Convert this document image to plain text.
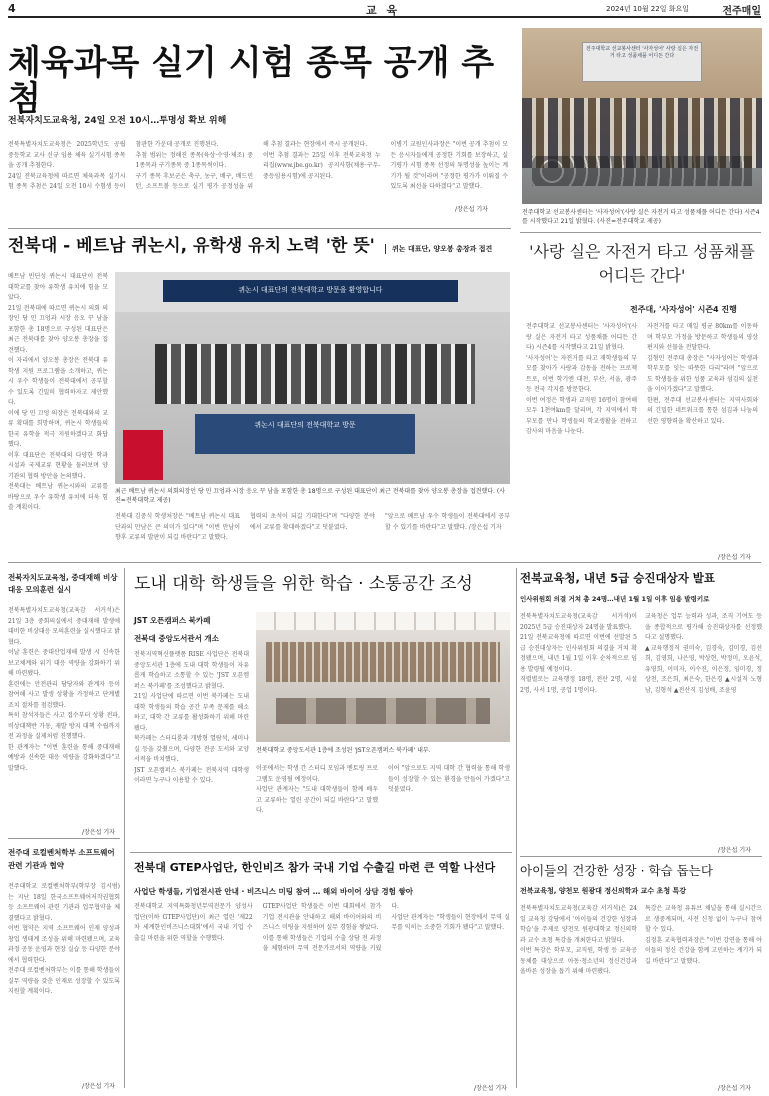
4	교 육	2024년 10월 22일 화요일	전주매일
체육과목 실기 시험 종목 공개 추첨
전북자치도교육청, 24일 오전 10시…투명성 확보 위해

전북특별자치도교육청은 2025학년도 공립 중등학교 교사 신규 임용 체육 실기시험 종목을 공개 추첨한다.

24일 전북교육청에 따르면 체육과목 실기시험 종목 추첨은 24일 오전 10시 수험생 등이 참관한 가운데 공개로 진행된다.

추첨 범위는 정해진 종목(육상·수영·체조) 중 1종목과 구기종목 중 1종목씩이다.

구기 종목 후보군은 축구, 농구, 배구, 배드민턴, 소프트볼 등으로 실기 평가 공정성을 위해 추첨 결과는 현장에서 즉시 공개된다.

이번 추첨 결과는 25일 이후 전북교육청 누리집(www.jbe.go.kr) 공지사항(채용·구두-중등임용시험)에 공지된다.

이병기 교원인사과장은 "이번 공개 추첨이 모든 응시자들에게 공정한 기회를 보장하고, 실기평가 시험 종목 선정의 투명성을 높이는 계기가 될 것"이라며 "공정한 평가가 이뤄질 수 있도록 최선을 다하겠다"고 말했다.

/장은섭 기자
전주대학교 선교봉사센터 '사자성어' 사랑 실은 자전거 타고 성품채플 어디든 간다
전주대학교 선교봉사센터는 '사자성어'(사랑 실은 자전거 타고 성품채플 어디든 간다) 시즌4를 시작했다고 21일 밝혔다. (사진=전주대학교 제공)
'사랑 실은 자전거 타고 성품채플 어디든 간다'
전주대, '사자성어' 시즌4 진행

전주대학교 선교봉사센터는 '사자성어'(사랑 실은 자전거 타고 성품채플 어디든 간다) 시즌4를 시작했다고 21일 밝혔다.

'사자성어'는 자전거를 타고 재학생들의 부모를 찾아가 사랑과 감동을 전하는 프로젝트로, 이번 학기엔 대천, 부산, 서울, 광주 등 전국 각지를 방문한다.

이번 여정은 학생과 교직원 16명이 참여해 모두 1천여km를 달리며, 각 지역에서 학부모를 만나 학생들의 학교생활을 전하고 감사의 마음을 나눈다.

자전거를 타고 매일 평균 80km를 이동하며 학부모 가정을 방문하고 학생들의 영상 편지와 선물을 전달한다.

김형민 전주대 총장은 "사자성어는 학생과 학부모를 잇는 따뜻한 다리"라며 "앞으로도 학생들을 위한 성품 교육과 섬김의 실천을 이어가겠다"고 말했다.

한편, 전주대 선교봉사센터는 지역사회와의 긴밀한 네트워크를 통한 섬김과 나눔의 선한 영향력을 확산하고 있다.

/장은섭 기자
전북대 - 베트남 퀴논시, 유학생 유치 노력 '한 뜻'	퀴논 대표단, 양오봉 총장과 접견

베트남 빈딘성 퀴논시 대표단이 전북대학교를 찾아 유학생 유치에 힘을 모았다.

21일 전북대에 따르면 퀴논시 의회 의장인 당 민 끄엉과 시장 응오 꾸 남을 포함한 총 18명으로 구성된 대표단은 최근 전북대를 찾아 양오봉 총장을 접견했다.

이 자리에서 양오봉 총장은 전북대 유학생 지원 프로그램을 소개하고, 퀴논시 우수 학생들이 전북대에서 공부할 수 있도록 긴밀히 협력하자고 제안했다.

이에 당 민 끄엉 의장은 전북대와의 교류 확대를 희망하며, 퀴논시 학생들의 한국 유학을 적극 지원하겠다고 화답했다.

이후 대표단은 전북대의 다양한 학과 시설과 국제교류 현황을 둘러보며 양 기관의 협력 방안을 논의했다.

전북대는 베트남 퀴논시와의 교류를 바탕으로 우수 유학생 유치에 더욱 힘쓸 계획이다.

퀴논시 대표단의 전북대학교 방문을 환영합니다
퀴논시 대표단의 전북대학교 방문
최근 베트남 퀴논시 의회의장인 당 민 끄엉과 시장 응오 꾸 남을 포함한 총 18명으로 구성된 대표단이 최근 전북대를 찾아 양오봉 총장을 접견했다. (사진=전북대학교 제공)

전북대 김중식 학생처장은 "베트남 퀴논시 대표단과의 만남은 큰 의미가 있다"며 "이번 만남이 향후 교류의 발판이 되길 바란다"고 말했다.

협력의 초석이 되길 기대한다"며 "다양한 분야에서 교류를 확대하겠다"고 덧붙였다.

"앞으로 베트남 우수 학생들이 전북대에서 공부할 수 있기를 바란다"고 말했다. /장은섭 기자

전북자치도교육청, 중대재해 비상대응 모의훈련 실시

전북특별자치도교육청(교육감 서거석)은 21일 3층 중회의실에서 중대재해 발생에 대비한 비상대응 모의훈련을 실시했다고 밝혔다.

이날 훈련은 중대산업재해 발생 시 신속한 보고체계와 위기 대응 역량을 강화하기 위해 마련됐다.

훈련에는 안전관리 담당자와 관계자 등이 참여해 사고 발생 상황을 가정하고 단계별 조치 절차를 점검했다.

특히 참석자들은 사고 접수부터 상황 전파, 비상대책반 가동, 재발 방지 대책 수립까지 전 과정을 실제처럼 진행했다.

한 관계자는 "이번 훈련을 통해 중대재해 예방과 신속한 대응 역량을 강화하겠다"고 말했다.

/장은섭 기자
전주대 로컬벤처학부 소프트웨어 관련 기관과 협약

전주대학교 로컬벤처학부(학부장 김시범)는 지난 18일 한국소프트웨어저작권협회 등 소프트웨어 관련 기관과 업무협약을 체결했다고 밝혔다.

이번 협약은 지역 소프트웨어 인재 양성과 창업 생태계 조성을 위해 마련됐으며, 교육과정 공동 운영과 현장 실습 등 다양한 분야에서 협력한다.

전주대 로컬벤처학부는 이를 통해 학생들이 실무 역량을 갖춘 인재로 성장할 수 있도록 지원할 계획이다.

/장은섭 기자
도내 대학 학생들을 위한 학습 · 소통공간 조성
JST 오픈캠퍼스 북카페
전북대 중앙도서관서 개소

전북지역혁신플랫폼 RISE 사업단은 전북대 중앙도서관 1층에 도내 대학 학생들이 자유롭게 학습하고 소통할 수 있는 'JST 오픈캠퍼스 북카페'를 조성했다고 밝혔다.

21일 사업단에 따르면 이번 북카페는 도내 대학 학생들의 학습 공간 부족 문제를 해소하고, 대학 간 교류를 활성화하기 위해 마련됐다.

북카페는 스터디룸과 개방형 열람석, 세미나실 등을 갖췄으며, 다양한 전공 도서와 교양 서적을 비치했다.

JST 오픈캠퍼스 북카페는 전북지역 대학생이라면 누구나 이용할 수 있다.

전북대학교 중앙도서관 1층에 조성된 'JST오픈캠퍼스 북카페' 내부.

이곳에서는 학생 간 스터디 모임과 멘토링 프로그램도 운영될 예정이다.

사업단 관계자는 "도내 대학생들이 함께 배우고 교류하는 열린 공간이 되길 바란다"고 말했다.

이어 "앞으로도 지역 대학 간 협력을 통해 학생들이 성장할 수 있는 환경을 만들어 가겠다"고 덧붙였다.

전북대 GTEP사업단, 한인비즈 참가 국내 기업 수출길 마련 큰 역할 나선다
사업단 학생들, 기업전시관 안내 · 비즈니스 미팅 참여 … 해외 바이어 상담 경험 쌓아

전북대학교 지역특화청년무역전문가 양성사업단(이하 GTEP사업단)이 최근 열린 '제22차 세계한인비즈니스대회'에서 국내 기업 수출길 마련을 위한 역할을 수행했다.

GTEP사업단 학생들은 이번 대회에서 참가 기업 전시관을 안내하고 해외 바이어와의 비즈니스 미팅을 지원하며 실무 경험을 쌓았다.

이를 통해 학생들은 기업의 수출 상담 전 과정을 체험하며 무역 전문가로서의 역량을 키웠다.

사업단 관계자는 "학생들이 현장에서 무역 실무를 익히는 소중한 기회가 됐다"고 말했다.

/장은섭 기자
전북교육청, 내년 5급 승진대상자 발표
인사위원회 의결 거쳐 총 24명…내년 1월 1일 이후 임용 발령키로

전북특별자치도교육청(교육감 서거석)이 2025년 5급 승진대상자 24명을 발표했다.

21일 전북교육청에 따르면 이번에 선발된 5급 승진대상자는 인사위원회 의결을 거쳐 확정됐으며, 내년 1월 1일 이후 순차적으로 임용 발령될 예정이다.

직렬별로는 교육행정 18명, 전산 2명, 시설 2명, 사서 1명, 공업 1명이다.

교육청은 업무 능력과 성과, 조직 기여도 등을 종합적으로 평가해 승진대상자를 선정했다고 설명했다.

▲교육행정직 권미숙, 김경숙, 김미경, 김선희, 김영희, 나은영, 박상현, 박정미, 오윤석, 유영희, 이미자, 이수진, 이은정, 임미경, 정상천, 조은희, 최은숙, 한은경 ▲시설직 노형남, 김형석 ▲전산직 김성배, 조윤영

/장은섭 기자
아이들의 건강한 성장 · 학습 돕는다
전북교육청, 양천모 원광대 정신의학과 교수 초청 특강

전북특별자치도교육청(교육감 서거석)은 24일 교육청 강당에서 '아이들의 건강한 성장과 학습'을 주제로 양천모 원광대학교 정신의학과 교수 초청 특강을 개최한다고 밝혔다.

이번 특강은 학부모, 교직원, 학생 등 교육공동체를 대상으로 아동·청소년의 정신건강과 올바른 성장을 돕기 위해 마련됐다.

특강은 교육청 유튜브 채널을 통해 실시간으로 생중계되며, 사전 신청 없이 누구나 참여할 수 있다.

김정훈 교육협력과장은 "이번 강연을 통해 아이들의 정신 건강을 함께 고민하는 계기가 되길 바란다"고 말했다.

/장은섭 기자
